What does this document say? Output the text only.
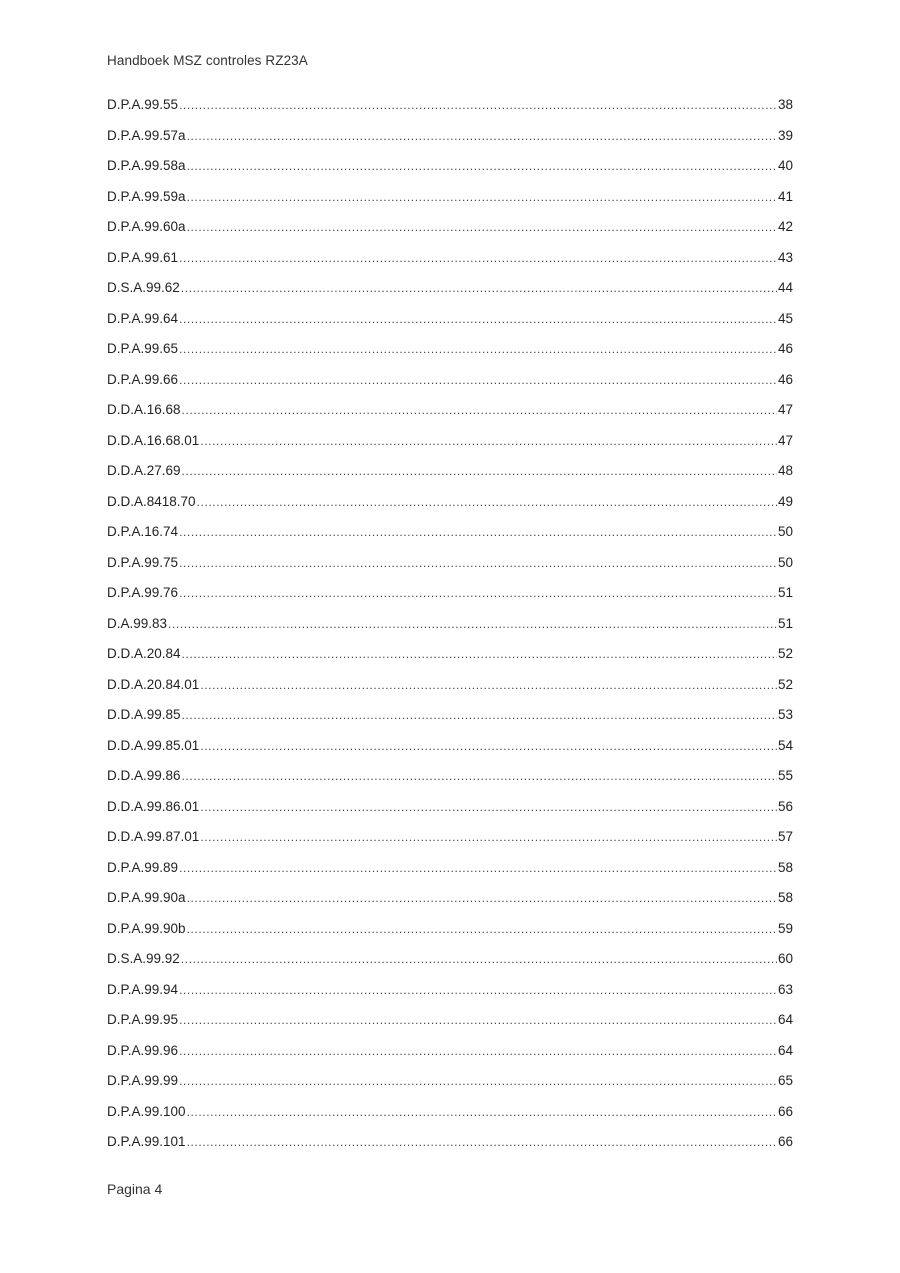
Handboek MSZ controles RZ23A
D.P.A.99.55 .....	38
D.P.A.99.57a .....	39
D.P.A.99.58a .....	40
D.P.A.99.59a .....	41
D.P.A.99.60a .....	42
D.P.A.99.61 .....	43
D.S.A.99.62 .....	44
D.P.A.99.64 .....	45
D.P.A.99.65 .....	46
D.P.A.99.66 .....	46
D.D.A.16.68 .....	47
D.D.A.16.68.01 .....	47
D.D.A.27.69 .....	48
D.D.A.8418.70 .....	49
D.P.A.16.74 .....	50
D.P.A.99.75 .....	50
D.P.A.99.76 .....	51
D.A.99.83 .....	51
D.D.A.20.84 .....	52
D.D.A.20.84.01 .....	52
D.D.A.99.85 .....	53
D.D.A.99.85.01 .....	54
D.D.A.99.86 .....	55
D.D.A.99.86.01 .....	56
D.D.A.99.87.01 .....	57
D.P.A.99.89 .....	58
D.P.A.99.90a .....	58
D.P.A.99.90b .....	59
D.S.A.99.92 .....	60
D.P.A.99.94 .....	63
D.P.A.99.95 .....	64
D.P.A.99.96 .....	64
D.P.A.99.99 .....	65
D.P.A.99.100 .....	66
D.P.A.99.101 .....	66
Pagina 4
